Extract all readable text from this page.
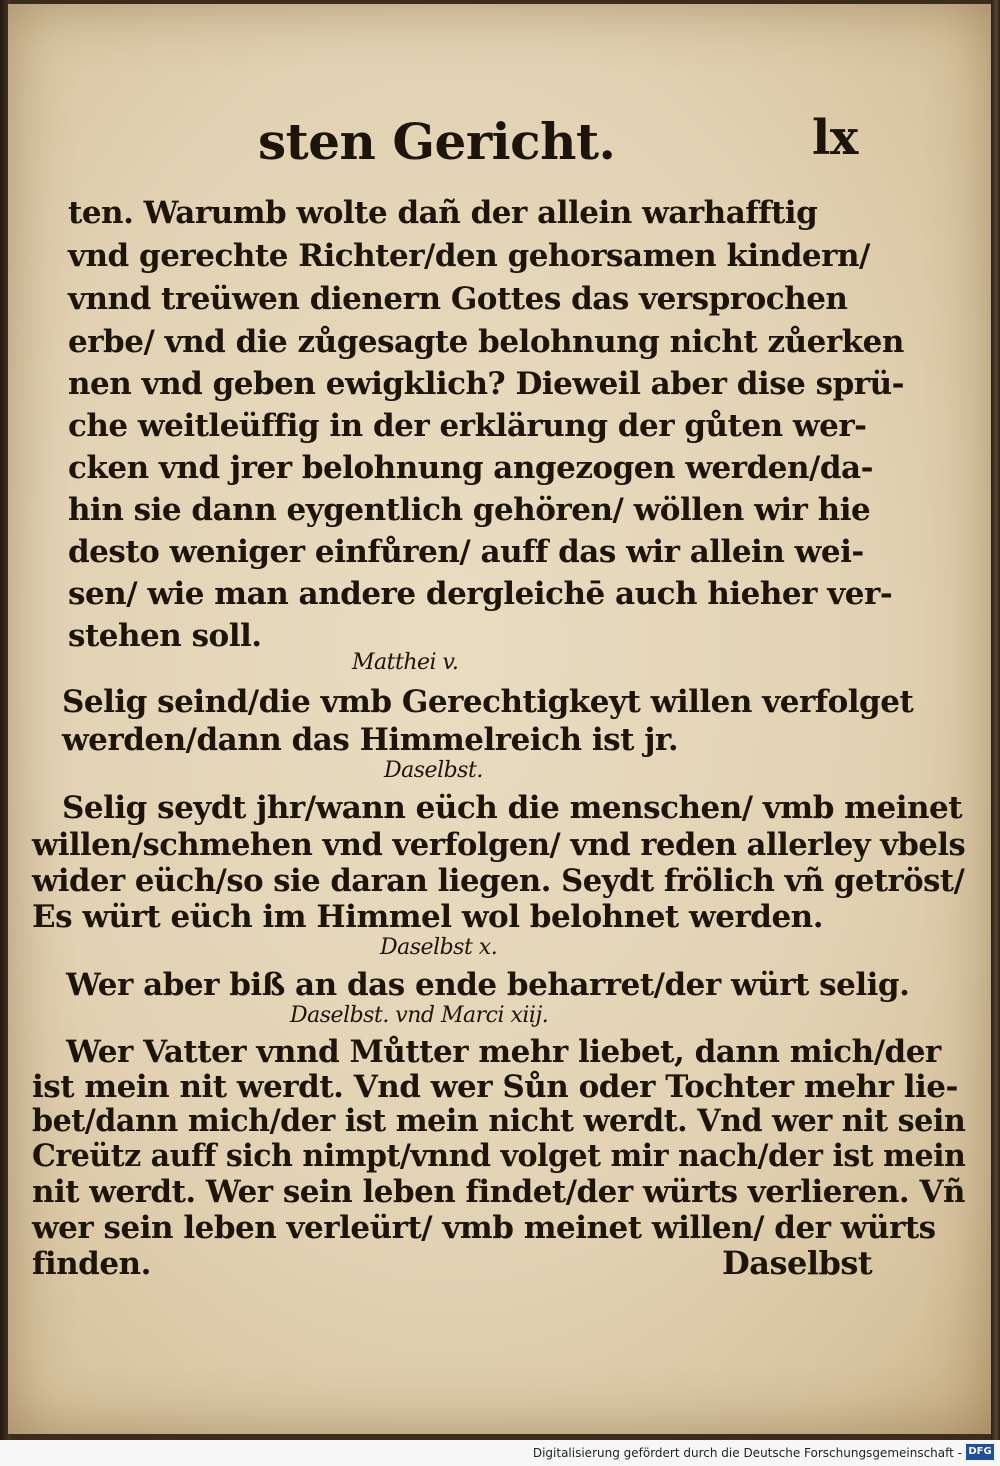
sten Gericht.	lx
ten. Warumb wolte dañ der allein warhafftig
vnd gerechte Richter/den gehorsamen kindern/
vnnd treüwen dienern Gottes das versprochen
erbe/ vnd die zůgesagte belohnung nicht zůerken
nen vnd geben ewigklich? Dieweil aber dise sprü-
che weitleüffig in der erklärung der gůten wer-
cken vnd jrer belohnung angezogen werden/da-
hin sie dann eygentlich gehören/ wöllen wir hie
desto weniger einfůren/ auff das wir allein wei-
sen/ wie man andere dergleichē auch hieher ver-
stehen soll.
Matthei v.
Selig seind/die vmb Gerechtigkeyt willen verfolget
werden/dann das Himmelreich ist jr.
Daselbst.
Selig seydt jhr/wann eüch die menschen/ vmb meinet
willen/schmehen vnd verfolgen/ vnd reden allerley vbels
wider eüch/so sie daran liegen. Seydt frölich vñ getröst/
Es würt eüch im Himmel wol belohnet werden.
Daselbst x.
Wer aber biß an das ende beharret/der würt selig.
Daselbst. vnd Marci xiij.
Wer Vatter vnnd Můtter mehr liebet, dann mich/der
ist mein nit werdt. Vnd wer Sůn oder Tochter mehr lie-
bet/dann mich/der ist mein nicht werdt. Vnd wer nit sein
Creütz auff sich nimpt/vnnd volget mir nach/der ist mein
nit werdt. Wer sein leben findet/der würts verlieren. Vñ
wer sein leben verleürt/ vmb meinet willen/ der würts
finden.	Daselbst
Digitalisierung gefördert durch die Deutsche Forschungsgemeinschaft - DFG
